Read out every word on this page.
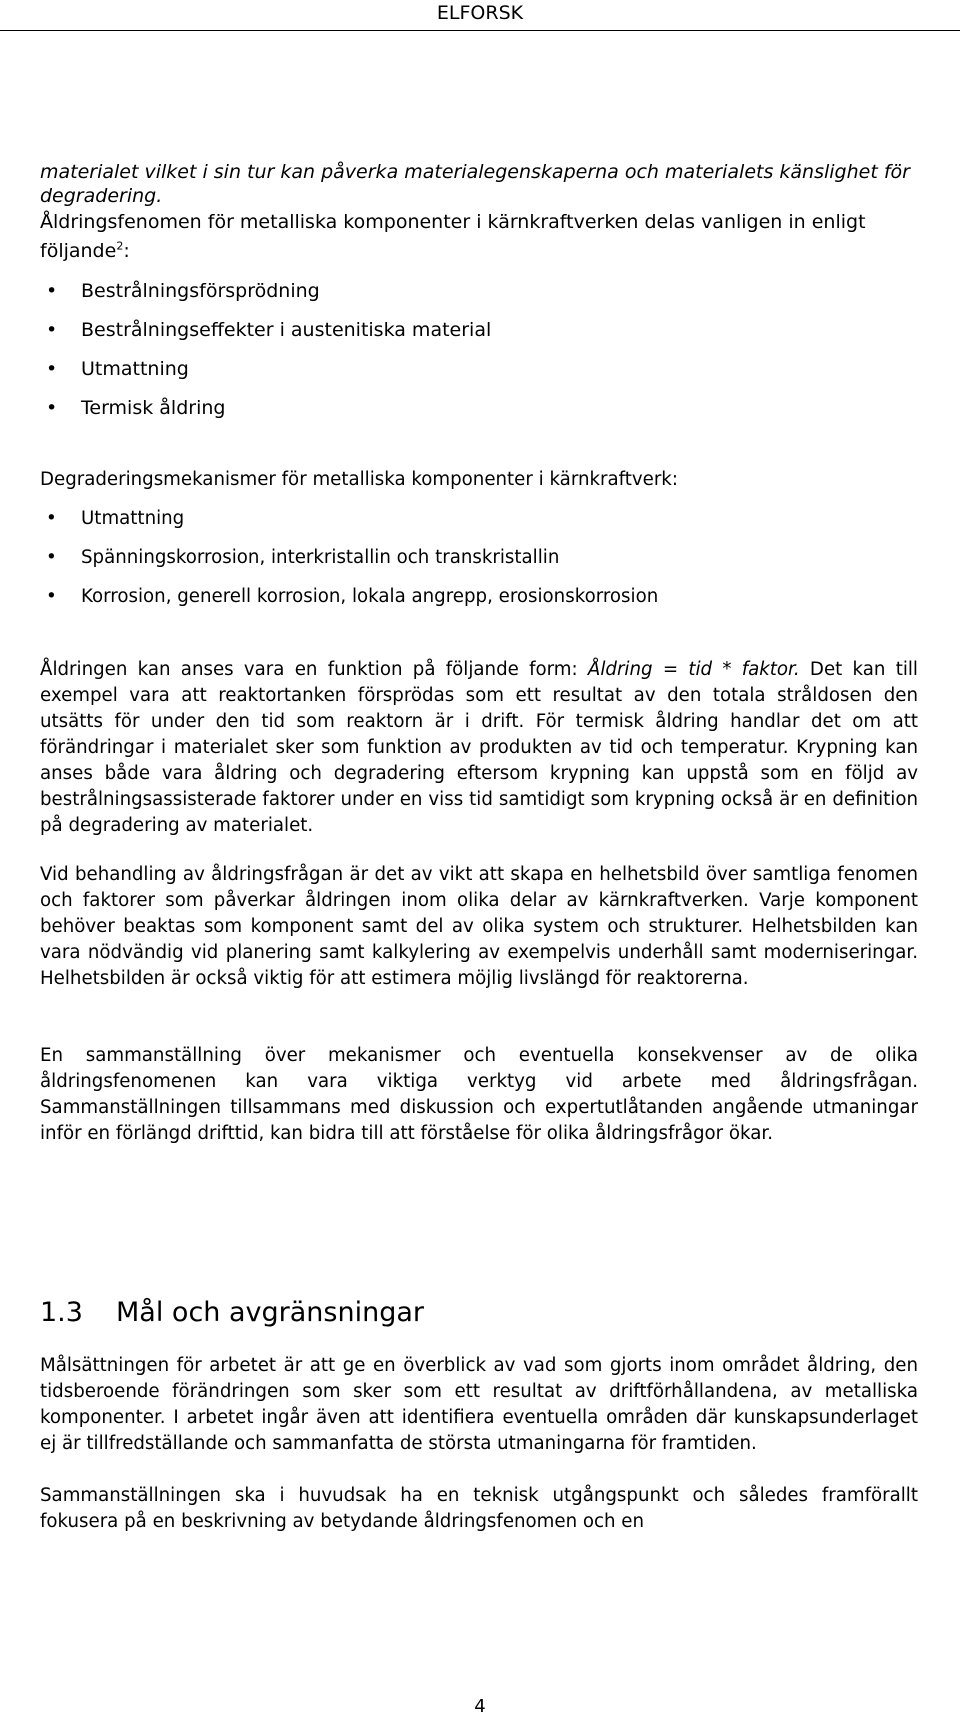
ELFORSK

materialet vilket i sin tur kan påverka materialegenskaperna och materialets känslighet för degradering.

Åldringsfenomen för metalliska komponenter i kärnkraftverken delas vanligen in enligt följande$^2$:

• Bestrålningsförsprödning
• Bestrålningseffekter i austenitiska material
• Utmattning
• Termisk åldring

Degraderingsmekanismer för metalliska komponenter i kärnkraftverk:

• Utmattning
• Spänningskorrosion, interkristallin och transkristallin
• Korrosion, generell korrosion, lokala angrepp, erosionskorrosion

Åldringen kan anses vara en funktion på följande form: Åldring = tid * faktor. Det kan till exempel vara att reaktortanken försprödas som ett resultat av den totala stråldosen den utsätts för under den tid som reaktorn är i drift. För termisk åldring handlar det om att förändringar i materialet sker som funktion av produkten av tid och temperatur. Krypning kan anses både vara åldring och degradering eftersom krypning kan uppstå som en följd av bestrålningsassisterade faktorer under en viss tid samtidigt som krypning också är en definition på degradering av materialet.

Vid behandling av åldringsfrågan är det av vikt att skapa en helhetsbild över samtliga fenomen och faktorer som påverkar åldringen inom olika delar av kärnkraftverken. Varje komponent behöver beaktas som komponent samt del av olika system och strukturer. Helhetsbilden kan vara nödvändig vid planering samt kalkylering av exempelvis underhåll samt moderniseringar. Helhetsbilden är också viktig för att estimera möjlig livslängd för reaktorerna.

En sammanställning över mekanismer och eventuella konsekvenser av de olika åldringsfenomenen kan vara viktiga verktyg vid arbete med åldringsfrågan. Sammanställningen tillsammans med diskussion och expertutlåtanden angående utmaningar inför en förlängd drifttid, kan bidra till att förståelse för olika åldringsfrågor ökar.

1.3 Mål och avgränsningar

Målsättningen för arbetet är att ge en överblick av vad som gjorts inom området åldring, den tidsberoende förändringen som sker som ett resultat av driftförhållandena, av metalliska komponenter. I arbetet ingår även att identifiera eventuella områden där kunskapsunderlaget ej är tillfredställande och sammanfatta de största utmaningarna för framtiden.

Sammanställningen ska i huvudsak ha en teknisk utgångspunkt och således framförallt fokusera på en beskrivning av betydande åldringsfenomen och en

4
